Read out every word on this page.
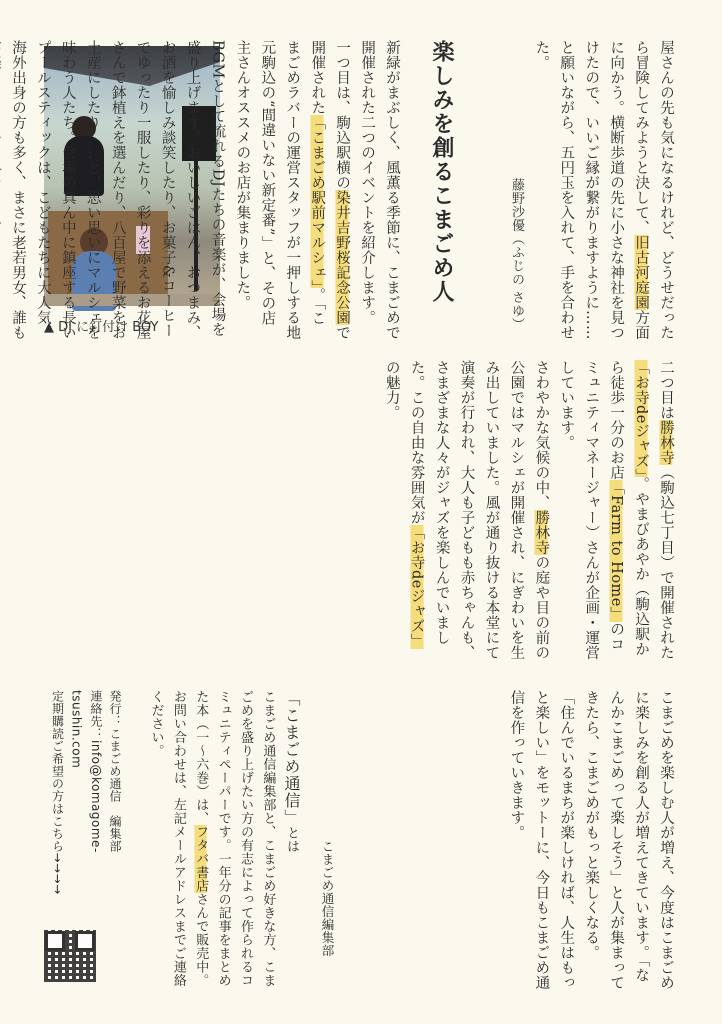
▲ DJ に釘付け BOY	屋さんの先も気になるけれど、どうせだったら冒険してみようと決して、旧古河庭園方面に向かう。横断歩道の先に小さな神社を見つけたので、いいご縁が繋がりますように……と願いながら、五円玉を入れて、手を合わせた。
藤野沙優（ふじの さゆ）
楽しみを創るこまごめ人
新緑がまぶしく、風薫る季節に、こまごめで開催された二つのイベントを紹介します。
一つ目は、駒込駅横の染井吉野桜記念公園で開催された「こまごめ駅前マルシェ」。「こまごめラバーの運営スタッフが一押しする地元駒込の“間違いない新定番”」と、その店主さんオススメのお店が集まりました。BGMとして流れるDJたちの音楽が、会場を盛り上げます。おいしいごはん、おつまみ、お酒を愉しみ談笑したり、お菓子&コーヒーでゆったり一服したり、彩りを添えるお花屋さんで鉢植えを選んだり、八百屋で野菜をお土産にしたり……と、思い思いにマルシェを味わう人たち。会場の真ん中に鎮座する長いプールスティックは、こどもたちに大人気。海外出身の方も多く、まさに老若男女、誰も
二つ目は勝林寺（駒込七丁目）で開催された「お寺deジャズ」。やまびあやか（駒込駅から徒歩一分のお店「Farm to Home」のコミュニティマネージャー）さんが企画・運営しています。
さわやかな気候の中、勝林寺の庭や目の前の公園ではマルシェが開催され、にぎわいを生み出していました。風が通り抜ける本堂にて演奏が行われ、大人も子どもも赤ちゃんも、さまざまな人々がジャズを楽しんでいました。この自由な雰囲気が「お寺deジャズ」の魅力。
こまごめを楽しむ人が増え、今度はこまごめに楽しみを創る人が増えてきています。「なんかこまごめって楽しそう」と人が集まってきたら、こまごめがもっと楽しくなる。
「住んでいるまちが楽しければ、人生はもっと楽しい」をモットーに、今日もこまごめ通信を作っていきます。
こまごめ通信編集部
「こまごめ通信」とは
こまごめ通信編集部と、こまごめ好きな方、こまごめを盛り上げたい方の有志によって作られるコミュニティペーパーです。一年分の記事をまとめた本（一〜六巻）は、フタバ書店さんで販売中。お問い合わせは、左記メールアドレスまでご連絡ください。
発行：こまごめ通信　編集部
連絡先：info@komagome-tsushin.com
定期購読ご希望の方はこちら→→→→
